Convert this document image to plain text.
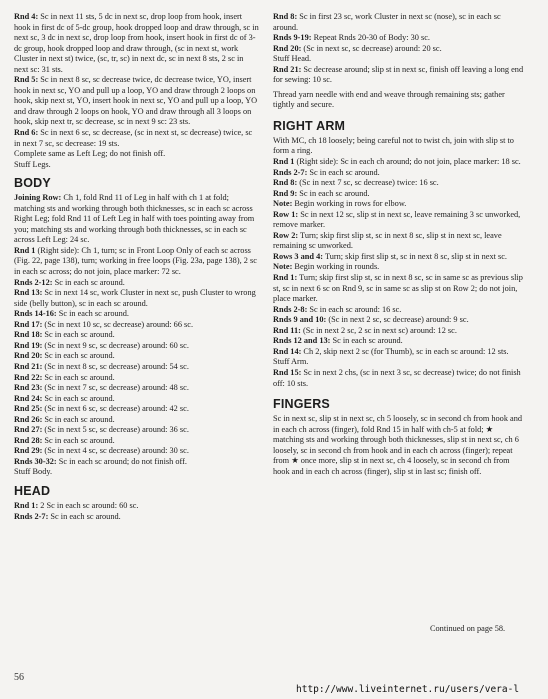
Rnd 4: Sc in next 11 sts, 5 dc in next sc, drop loop from hook, insert hook in first dc of 5-dc group, hook dropped loop and draw through, sc in next sc, 3 dc in next sc, drop loop from hook, insert hook in first dc of 3-dc group, hook dropped loop and draw through, (sc in next st, work Cluster in next st) twice, (sc, tr, sc) in next dc, sc in next 8 sts, 2 sc in next sc: 31 sts.

Rnd 5: Sc in next 8 sc, sc decrease twice, dc decrease twice, YO, insert hook in next sc, YO and pull up a loop, YO and draw through 2 loops on hook, skip next st, YO, insert hook in next sc, YO and pull up a loop, YO and draw through 2 loops on hook, YO and draw through all 3 loops on hook, skip next tr, sc decrease, sc in next 9 sc: 23 sts.

Rnd 6: Sc in next 6 sc, sc decrease, (sc in next st, sc decrease) twice, sc in next 7 sc, sc decrease: 19 sts.

Complete same as Left Leg; do not finish off.

Stuff Legs.

BODY

Joining Row: Ch 1, fold Rnd 11 of Leg in half with ch 1 at fold; matching sts and working through both thicknesses, sc in each sc across Right Leg; fold Rnd 11 of Left Leg in half with toes pointing away from you; matching sts and working through both thicknesses, sc in each sc across Left Leg: 24 sc.

Rnd 1 (Right side): Ch 1, turn; sc in Front Loop Only of each sc across (Fig. 22, page 138), turn; working in free loops (Fig. 23a, page 138), 2 sc in each sc across; do not join, place marker: 72 sc.

Rnds 2-12: Sc in each sc around.

Rnd 13: Sc in next 14 sc, work Cluster in next sc, push Cluster to wrong side (belly button), sc in each sc around.

Rnds 14-16: Sc in each sc around.

Rnd 17: (Sc in next 10 sc, sc decrease) around: 66 sc.

Rnd 18: Sc in each sc around.

Rnd 19: (Sc in next 9 sc, sc decrease) around: 60 sc.

Rnd 20: Sc in each sc around.

Rnd 21: (Sc in next 8 sc, sc decrease) around: 54 sc.

Rnd 22: Sc in each sc around.

Rnd 23: (Sc in next 7 sc, sc decrease) around: 48 sc.

Rnd 24: Sc in each sc around.

Rnd 25: (Sc in next 6 sc, sc decrease) around: 42 sc.

Rnd 26: Sc in each sc around.

Rnd 27: (Sc in next 5 sc, sc decrease) around: 36 sc.

Rnd 28: Sc in each sc around.

Rnd 29: (Sc in next 4 sc, sc decrease) around: 30 sc.

Rnds 30-32: Sc in each sc around; do not finish off.

Stuff Body.

HEAD

Rnd 1: 2 Sc in each sc around: 60 sc.

Rnds 2-7: Sc in each sc around.

Rnd 8: Sc in first 23 sc, work Cluster in next sc (nose), sc in each sc around.

Rnds 9-19: Repeat Rnds 20-30 of Body: 30 sc.

Rnd 20: (Sc in next sc, sc decrease) around: 20 sc.

Stuff Head.

Rnd 21: Sc decrease around; slip st in next sc, finish off leaving a long end for sewing: 10 sc.

Thread yarn needle with end and weave through remaining sts; gather tightly and secure.

RIGHT ARM

With MC, ch 18 loosely; being careful not to twist ch, join with slip st to form a ring.

Rnd 1 (Right side): Sc in each ch around; do not join, place marker: 18 sc.

Rnds 2-7: Sc in each sc around.

Rnd 8: (Sc in next 7 sc, sc decrease) twice: 16 sc.

Rnd 9: Sc in each sc around.

Note: Begin working in rows for elbow.

Row 1: Sc in next 12 sc, slip st in next sc, leave remaining 3 sc unworked, remove marker.

Row 2: Turn; skip first slip st, sc in next 8 sc, slip st in next sc, leave remaining sc unworked.

Rows 3 and 4: Turn; skip first slip st, sc in next 8 sc, slip st in next sc.

Note: Begin working in rounds.

Rnd 1: Turn; skip first slip st, sc in next 8 sc, sc in same sc as previous slip st, sc in next 6 sc on Rnd 9, sc in same sc as slip st on Row 2; do not join, place marker.

Rnds 2-8: Sc in each sc around: 16 sc.

Rnds 9 and 10: (Sc in next 2 sc, sc decrease) around: 9 sc.

Rnd 11: (Sc in next 2 sc, 2 sc in next sc) around: 12 sc.

Rnds 12 and 13: Sc in each sc around.

Rnd 14: Ch 2, skip next 2 sc (for Thumb), sc in each sc around: 12 sts.

Stuff Arm.

Rnd 15: Sc in next 2 chs, (sc in next 3 sc, sc decrease) twice; do not finish off: 10 sts.

FINGERS

Sc in next sc, slip st in next sc, ch 5 loosely, sc in second ch from hook and in each ch across (finger), fold Rnd 15 in half with ch-5 at fold; ★ matching sts and working through both thicknesses, slip st in next sc, ch 6 loosely, sc in second ch from hook and in each ch across (finger); repeat from ★ once more, slip st in next sc, ch 4 loosely, sc in second ch from hook and in each ch across (finger), slip st in last sc; finish off.

Continued on page 58.
56
http://www.liveinternet.ru/users/vera-l
